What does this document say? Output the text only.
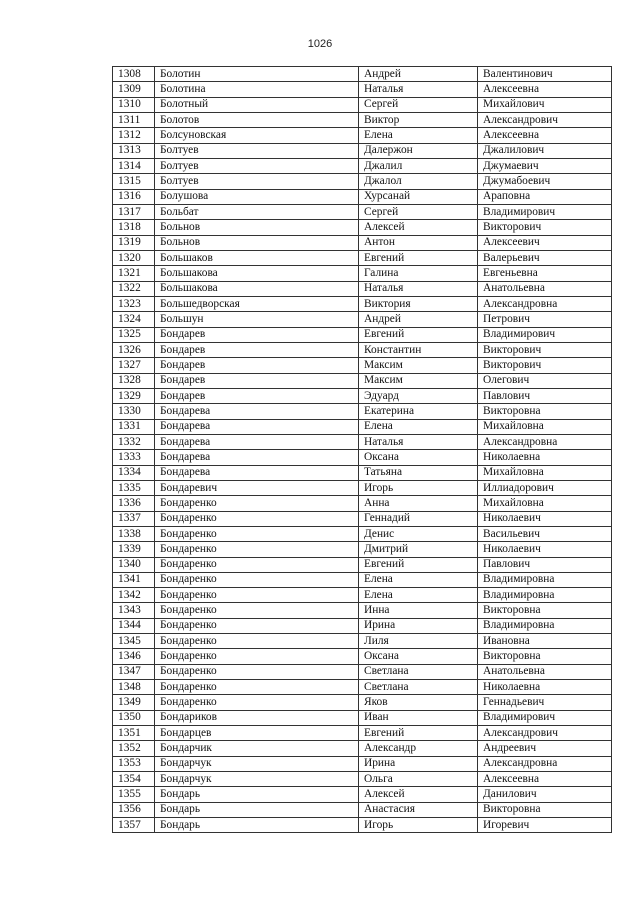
1026
1308	Болотин	Андрей	Валентинович
1309	Болотина	Наталья	Алексеевна
1310	Болотный	Сергей	Михайлович
1311	Болотов	Виктор	Александрович
1312	Болсуновская	Елена	Алексеевна
1313	Болтуев	Далержон	Джалилович
1314	Болтуев	Джалил	Джумаевич
1315	Болтуев	Джалол	Джумабоевич
1316	Болушова	Хурсанай	Араповна
1317	Больбат	Сергей	Владимирович
1318	Больнов	Алексей	Викторович
1319	Больнов	Антон	Алексеевич
1320	Большаков	Евгений	Валерьевич
1321	Большакова	Галина	Евгеньевна
1322	Большакова	Наталья	Анатольевна
1323	Большедворская	Виктория	Александровна
1324	Большун	Андрей	Петрович
1325	Бондарев	Евгений	Владимирович
1326	Бондарев	Константин	Викторович
1327	Бондарев	Максим	Викторович
1328	Бондарев	Максим	Олегович
1329	Бондарев	Эдуард	Павлович
1330	Бондарева	Екатерина	Викторовна
1331	Бондарева	Елена	Михайловна
1332	Бондарева	Наталья	Александровна
1333	Бондарева	Оксана	Николаевна
1334	Бондарева	Татьяна	Михайловна
1335	Бондаревич	Игорь	Иллиадорович
1336	Бондаренко	Анна	Михайловна
1337	Бондаренко	Геннадий	Николаевич
1338	Бондаренко	Денис	Васильевич
1339	Бондаренко	Дмитрий	Николаевич
1340	Бондаренко	Евгений	Павлович
1341	Бондаренко	Елена	Владимировна
1342	Бондаренко	Елена	Владимировна
1343	Бондаренко	Инна	Викторовна
1344	Бондаренко	Ирина	Владимировна
1345	Бондаренко	Лиля	Ивановна
1346	Бондаренко	Оксана	Викторовна
1347	Бондаренко	Светлана	Анатольевна
1348	Бондаренко	Светлана	Николаевна
1349	Бондаренко	Яков	Геннадьевич
1350	Бондариков	Иван	Владимирович
1351	Бондарцев	Евгений	Александрович
1352	Бондарчик	Александр	Андреевич
1353	Бондарчук	Ирина	Александровна
1354	Бондарчук	Ольга	Алексеевна
1355	Бондарь	Алексей	Данилович
1356	Бондарь	Анастасия	Викторовна
1357	Бондарь	Игорь	Игоревич
